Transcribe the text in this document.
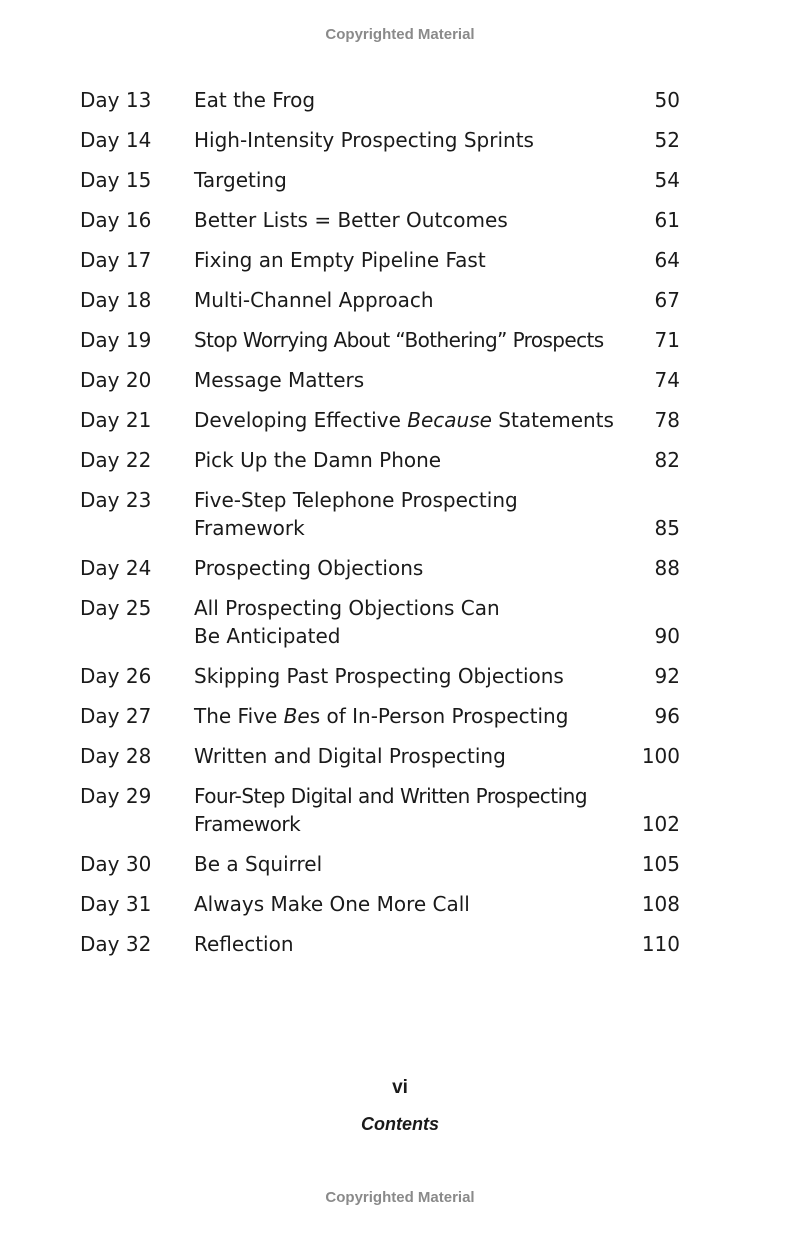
Copyrighted Material
Day 13 Eat the Frog	50
Day 14 High-Intensity Prospecting Sprints	52
Day 15 Targeting	54
Day 16 Better Lists = Better Outcomes	61
Day 17 Fixing an Empty Pipeline Fast	64
Day 18 Multi-Channel Approach	67
Day 19 Stop Worrying About “Bothering” Prospects	71
Day 20 Message Matters	74
Day 21 Developing Effective Because Statements	78
Day 22 Pick Up the Damn Phone	82
Day 23 Five-Step Telephone Prospecting
Framework	85
Day 24 Prospecting Objections	88
Day 25 All Prospecting Objections Can
Be Anticipated	90
Day 26 Skipping Past Prospecting Objections	92
Day 27 The Five Bes of In-Person Prospecting	96
Day 28 Written and Digital Prospecting	100
Day 29 Four-Step Digital and Written Prospecting
Framework	102
Day 30 Be a Squirrel	105
Day 31 Always Make One More Call	108
Day 32 Reflection	110
vi
Contents
Copyrighted Material
